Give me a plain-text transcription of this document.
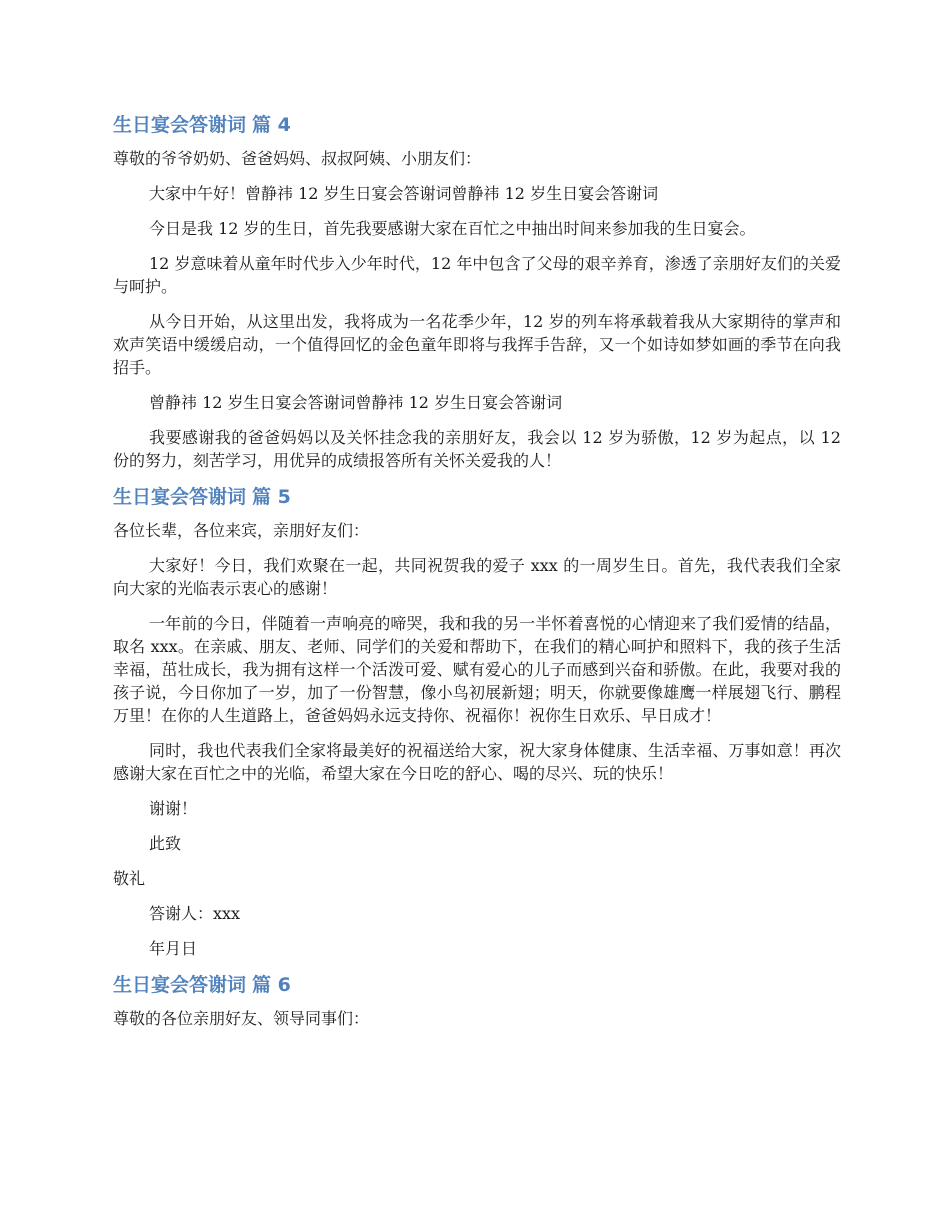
生日宴会答谢词 篇 4
尊敬的爷爷奶奶、爸爸妈妈、叔叔阿姨、小朋友们：
大家中午好！曾静祎 12 岁生日宴会答谢词曾静祎 12 岁生日宴会答谢词
今日是我 12 岁的生日，首先我要感谢大家在百忙之中抽出时间来参加我的生日宴会。
12 岁意味着从童年时代步入少年时代，12 年中包含了父母的艰辛养育，渗透了亲朋好友们的关爱与呵护。
从今日开始，从这里出发，我将成为一名花季少年，12 岁的列车将承载着我从大家期待的掌声和欢声笑语中缓缓启动，一个值得回忆的金色童年即将与我挥手告辞，又一个如诗如梦如画的季节在向我招手。
曾静祎 12 岁生日宴会答谢词曾静祎 12 岁生日宴会答谢词
我要感谢我的爸爸妈妈以及关怀挂念我的亲朋好友，我会以 12 岁为骄傲，12 岁为起点，以 12 份的努力，刻苦学习，用优异的成绩报答所有关怀关爱我的人！
生日宴会答谢词 篇 5
各位长辈，各位来宾，亲朋好友们：
大家好！今日，我们欢聚在一起，共同祝贺我的爱子 xxx 的一周岁生日。首先，我代表我们全家向大家的光临表示衷心的感谢！
一年前的今日，伴随着一声响亮的啼哭，我和我的另一半怀着喜悦的心情迎来了我们爱情的结晶，取名 xxx。在亲戚、朋友、老师、同学们的关爱和帮助下，在我们的精心呵护和照料下，我的孩子生活幸福，茁壮成长，我为拥有这样一个活泼可爱、赋有爱心的儿子而感到兴奋和骄傲。在此，我要对我的孩子说，今日你加了一岁，加了一份智慧，像小鸟初展新翅；明天，你就要像雄鹰一样展翅飞行、鹏程万里！在你的人生道路上，爸爸妈妈永远支持你、祝福你！祝你生日欢乐、早日成才！
同时，我也代表我们全家将最美好的祝福送给大家，祝大家身体健康、生活幸福、万事如意！再次感谢大家在百忙之中的光临，希望大家在今日吃的舒心、喝的尽兴、玩的快乐！
谢谢！
此致
敬礼
答谢人：xxx
年月日
生日宴会答谢词 篇 6
尊敬的各位亲朋好友、领导同事们：
